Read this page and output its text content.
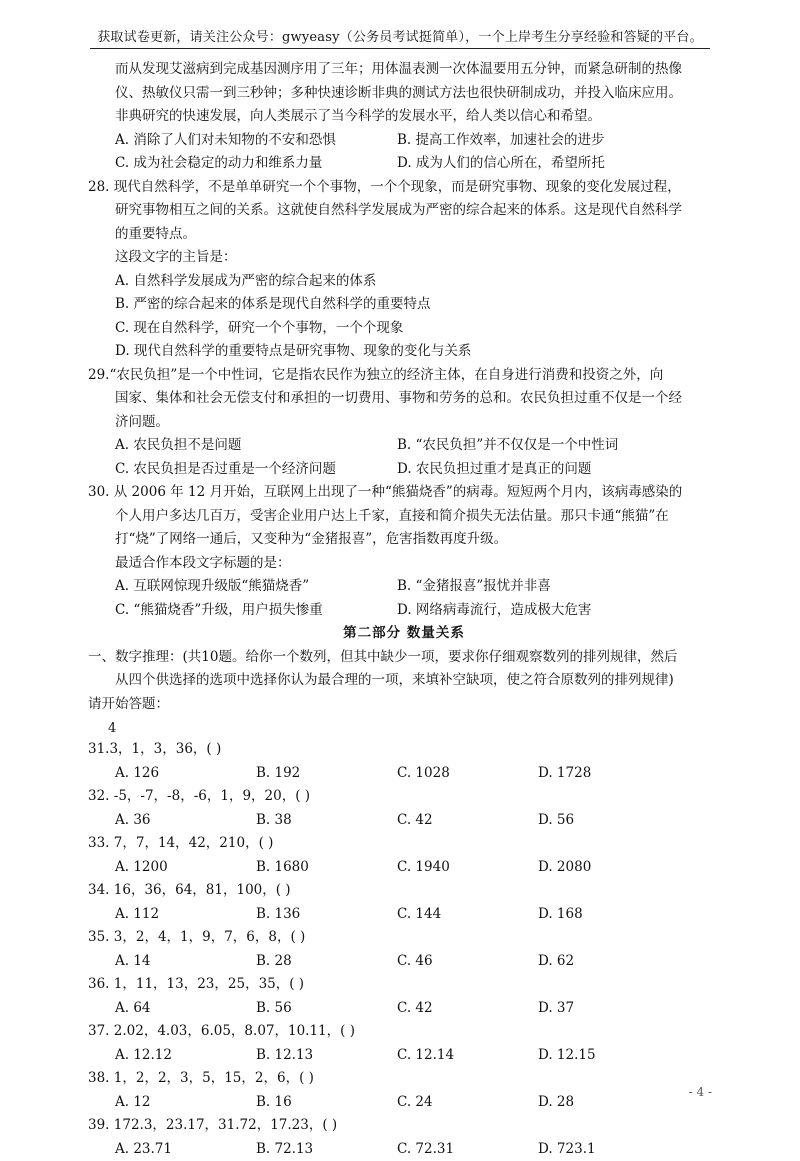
获取试卷更新，请关注公众号：gwyeasy（公务员考试挺简单），一个上岸考生分享经验和答疑的平台。
而从发现艾滋病到完成基因测序用了三年；用体温表测一次体温要用五分钟，而紧急研制的热像
仪、热敏仪只需一到三秒钟；多种快速诊断非典的测试方法也很快研制成功，并投入临床应用。
非典研究的快速发展，向人类展示了当今科学的发展水平，给人类以信心和希望。
A. 消除了人们对未知物的不安和恐惧	B. 提高工作效率，加速社会的进步
C. 成为社会稳定的动力和维系力量	D. 成为人们的信心所在，希望所托
28. 现代自然科学，不是单单研究一个个事物，一个个现象，而是研究事物、现象的变化发展过程，
研究事物相互之间的关系。这就使自然科学发展成为严密的综合起来的体系。这是现代自然科学
的重要特点。
这段文字的主旨是：
A. 自然科学发展成为严密的综合起来的体系
B. 严密的综合起来的体系是现代自然科学的重要特点
C. 现在自然科学，研究一个个事物，一个个现象
D. 现代自然科学的重要特点是研究事物、现象的变化与关系
29.“农民负担”是一个中性词，它是指农民作为独立的经济主体，在自身进行消费和投资之外，向
国家、集体和社会无偿支付和承担的一切费用、事物和劳务的总和。农民负担过重不仅是一个经
济问题。
A. 农民负担不是问题	B. “农民负担”并不仅仅是一个中性词
C. 农民负担是否过重是一个经济问题	D. 农民负担过重才是真正的问题
30. 从 2006 年 12 月开始，互联网上出现了一种“熊猫烧香”的病毒。短短两个月内，该病毒感染的
个人用户多达几百万，受害企业用户达上千家，直接和简介损失无法估量。那只卡通“熊猫”在
打“烧”了网络一通后，又变种为“金猪报喜”，危害指数再度升级。
最适合作本段文字标题的是：
A. 互联网惊现升级版“熊猫烧香”	B. “金猪报喜”报忧并非喜
C. “熊猫烧香”升级，用户损失惨重	D. 网络病毒流行，造成极大危害
第二部分 数量关系
一、数字推理：(共10题。给你一个数列，但其中缺少一项，要求你仔细观察数列的排列规律，然后
从四个供选择的选项中选择你认为最合理的一项，来填补空缺项，使之符合原数列的排列规律)
请开始答题：
4
31.3，1，3，36，( )
A. 126	B. 192	C. 1028	D. 1728
32. -5，-7，-8，-6，1，9，20，( )
A. 36	B. 38	C. 42	D. 56
33. 7，7，14，42，210，( )
A. 1200	B. 1680	C. 1940	D. 2080
34. 16，36，64，81，100，( )
A. 112	B. 136	C. 144	D. 168
35. 3，2，4，1，9，7，6，8，( )
A. 14	B. 28	C. 46	D. 62
36. 1，11，13，23，25，35，( )
A. 64	B. 56	C. 42	D. 37
37. 2.02，4.03，6.05，8.07，10.11，( )
A. 12.12	B. 12.13	C. 12.14	D. 12.15
38. 1，2，2，3，5，15，2，6，( )
A. 12	B. 16	C. 24	D. 28
39. 172.3，23.17，31.72，17.23，( )
A. 23.71	B. 72.13	C. 72.31	D. 723.1
- 4 -
